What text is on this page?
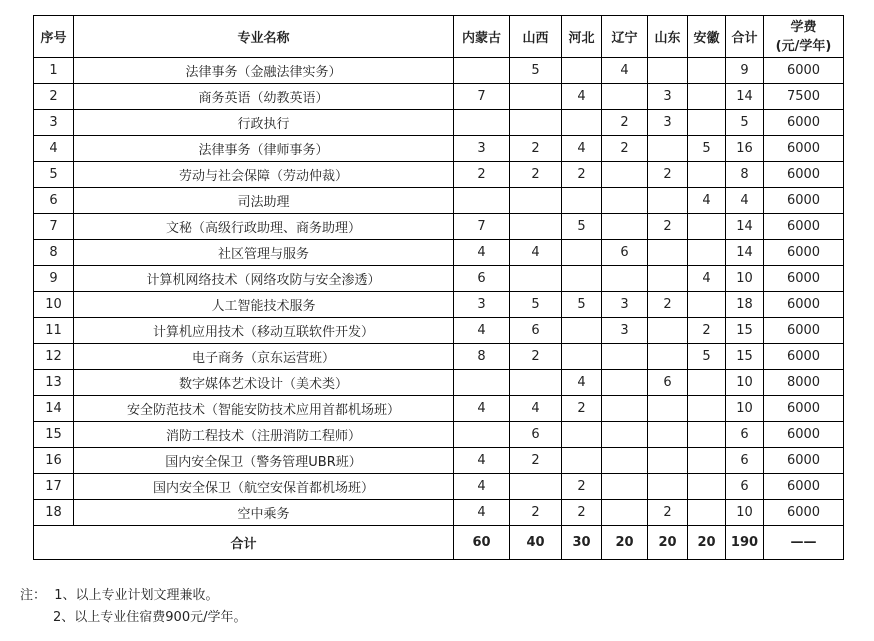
序号	专业名称	内蒙古	山西	河北	辽宁	山东	安徽	合计	学费
(元/学年)

1	法律事务（金融法律实务）		5		4			9	6000
2	商务英语（幼教英语）	7		4		3		14	7500
3	行政执行				2	3		5	6000
4	法律事务（律师事务）	3	2	4	2		5	16	6000
5	劳动与社会保障（劳动仲裁）	2	2	2		2		8	6000
6	司法助理						4	4	6000
7	文秘（高级行政助理、商务助理）	7		5		2		14	6000
8	社区管理与服务	4	4		6			14	6000
9	计算机网络技术（网络攻防与安全渗透）	6					4	10	6000
10	人工智能技术服务	3	5	5	3	2		18	6000
11	计算机应用技术（移动互联软件开发）	4	6		3		2	15	6000
12	电子商务（京东运营班）	8	2				5	15	6000
13	数字媒体艺术设计（美术类）			4		6		10	8000
14	安全防范技术（智能安防技术应用首都机场班）	4	4	2				10	6000
15	消防工程技术（注册消防工程师）		6					6	6000
16	国内安全保卫（警务管理UBR班）	4	2					6	6000
17	国内安全保卫（航空安保首都机场班）	4		2				6	6000
18	空中乘务	4	2	2		2		10	6000
合计		60	40	30	20	20	20	190	——
注：  1、以上专业计划文理兼收。
2、以上专业住宿费900元/学年。
